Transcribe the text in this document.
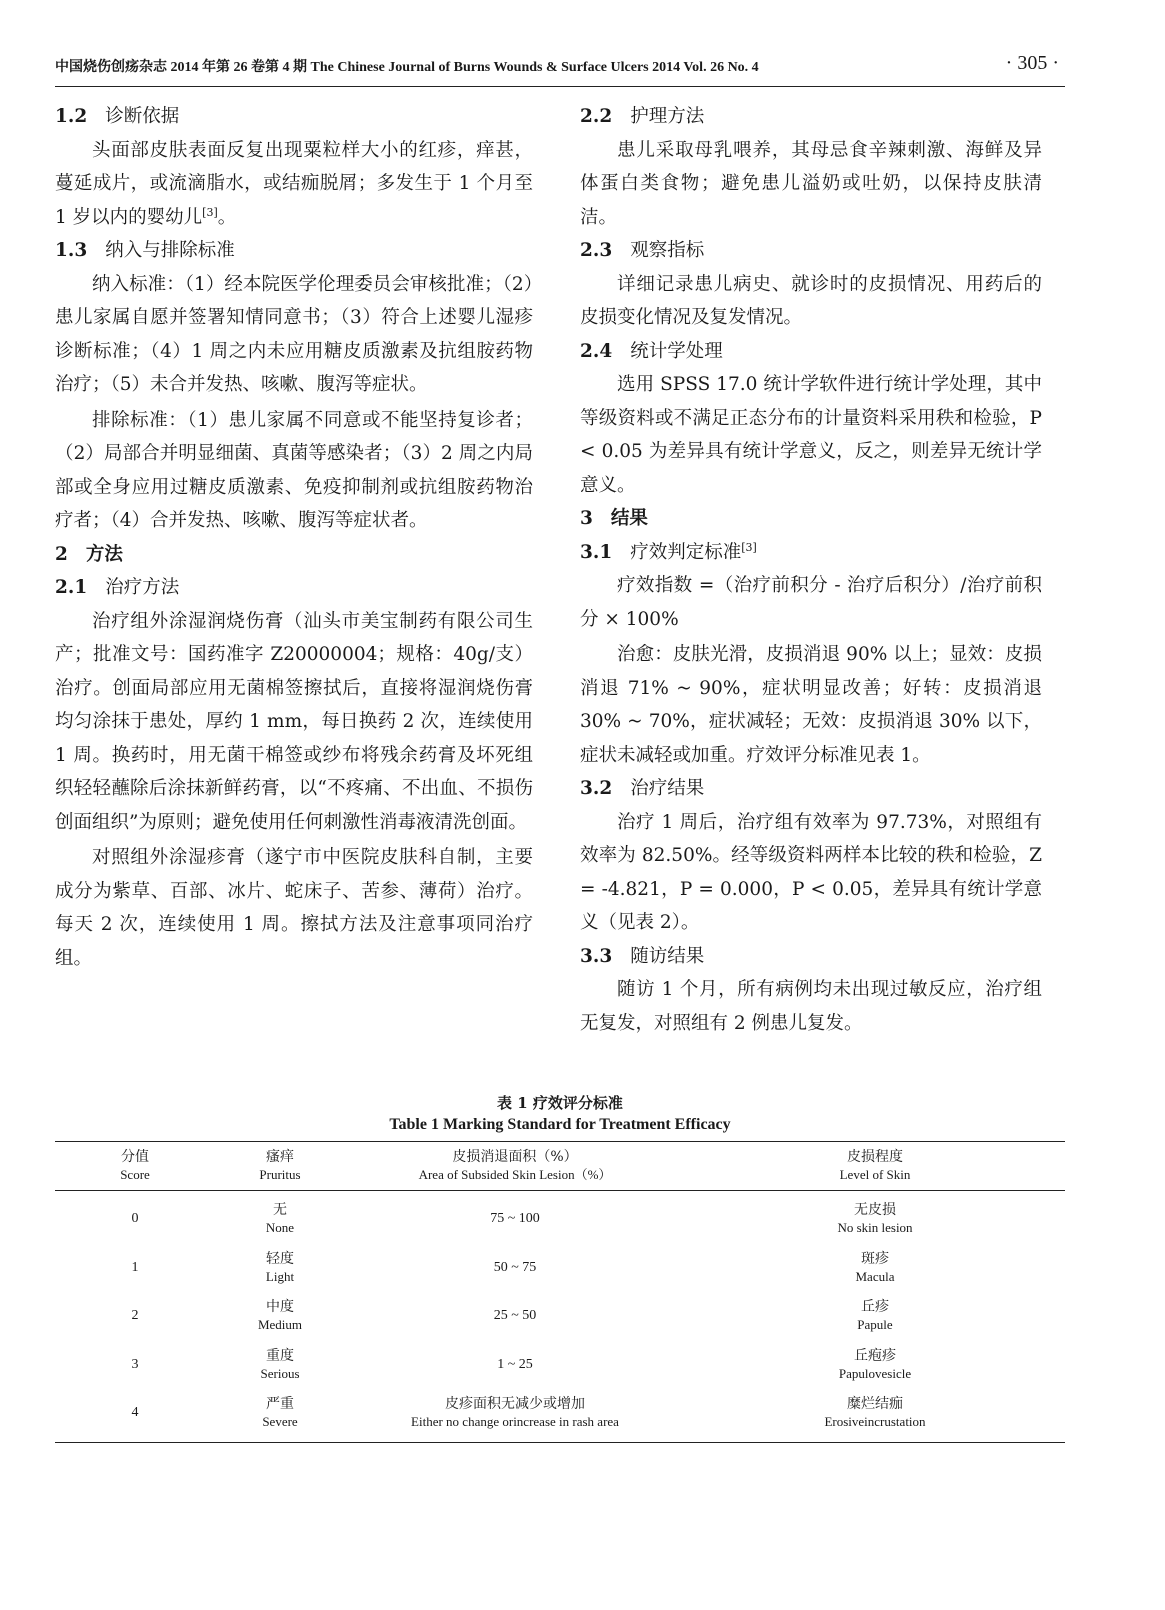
中国烧伤创疡杂志 2014 年第 26 卷第 4 期 The Chinese Journal of Burns Wounds & Surface Ulcers 2014 Vol. 26 No. 4	· 305 ·
1.2 诊断依据

头面部皮肤表面反复出现粟粒样大小的红疹，痒甚，蔓延成片，或流滴脂水，或结痂脱屑；多发生于 1 个月至 1 岁以内的婴幼儿[3]。

1.3 纳入与排除标准

纳入标准：（1）经本院医学伦理委员会审核批准；（2）患儿家属自愿并签署知情同意书；（3）符合上述婴儿湿疹诊断标准；（4）1 周之内未应用糖皮质激素及抗组胺药物治疗；（5）未合并发热、咳嗽、腹泻等症状。

排除标准：（1）患儿家属不同意或不能坚持复诊者；（2）局部合并明显细菌、真菌等感染者；（3）2 周之内局部或全身应用过糖皮质激素、免疫抑制剂或抗组胺药物治疗者；（4）合并发热、咳嗽、腹泻等症状者。

2 方法
2.1 治疗方法

治疗组外涂湿润烧伤膏（汕头市美宝制药有限公司生产；批准文号：国药准字 Z20000004；规格：40g/支）治疗。创面局部应用无菌棉签擦拭后，直接将湿润烧伤膏均匀涂抹于患处，厚约 1 mm，每日换药 2 次，连续使用 1 周。换药时，用无菌干棉签或纱布将残余药膏及坏死组织轻轻蘸除后涂抹新鲜药膏，以“不疼痛、不出血、不损伤创面组织”为原则；避免使用任何刺激性消毒液清洗创面。

对照组外涂湿疹膏（遂宁市中医院皮肤科自制，主要成分为紫草、百部、冰片、蛇床子、苦参、薄荷）治疗。每天 2 次，连续使用 1 周。擦拭方法及注意事项同治疗组。

2.2 护理方法

患儿采取母乳喂养，其母忌食辛辣刺激、海鲜及异体蛋白类食物；避免患儿溢奶或吐奶，以保持皮肤清洁。

2.3 观察指标

详细记录患儿病史、就诊时的皮损情况、用药后的皮损变化情况及复发情况。

2.4 统计学处理

选用 SPSS 17.0 统计学软件进行统计学处理，其中等级资料或不满足正态分布的计量资料采用秩和检验，P < 0.05 为差异具有统计学意义，反之，则差异无统计学意义。

3 结果
3.1 疗效判定标准[3]

疗效指数 =（治疗前积分 - 治疗后积分）/治疗前积分 × 100%

治愈：皮肤光滑，皮损消退 90% 以上；显效：皮损消退 71% ~ 90%，症状明显改善；好转：皮损消退 30% ~ 70%，症状减轻；无效：皮损消退 30% 以下，症状未减轻或加重。疗效评分标准见表 1。

3.2 治疗结果

治疗 1 周后，治疗组有效率为 97.73%，对照组有效率为 82.50%。经等级资料两样本比较的秩和检验，Z = -4.821，P = 0.000，P < 0.05，差异具有统计学意义（见表 2）。

3.3 随访结果

随访 1 个月，所有病例均未出现过敏反应，治疗组无复发，对照组有 2 例患儿复发。

表 1 疗效评分标准
Table 1 Marking Standard for Treatment Efficacy
分值
Score
瘙痒
Pruritus
皮损消退面积（%）
Area of Subsided Skin Lesion（%）
皮损程度
Level of Skin
0
无
None
75 ~ 100
无皮损
No skin lesion
1
轻度
Light
50 ~ 75
斑疹
Macula
2
中度
Medium
25 ~ 50
丘疹
Papule
3
重度
Serious
1 ~ 25
丘疱疹
Papulovesicle
4
严重
Severe
皮疹面积无减少或增加
Either no change orincrease in rash area
糜烂结痂
Erosiveincrustation
